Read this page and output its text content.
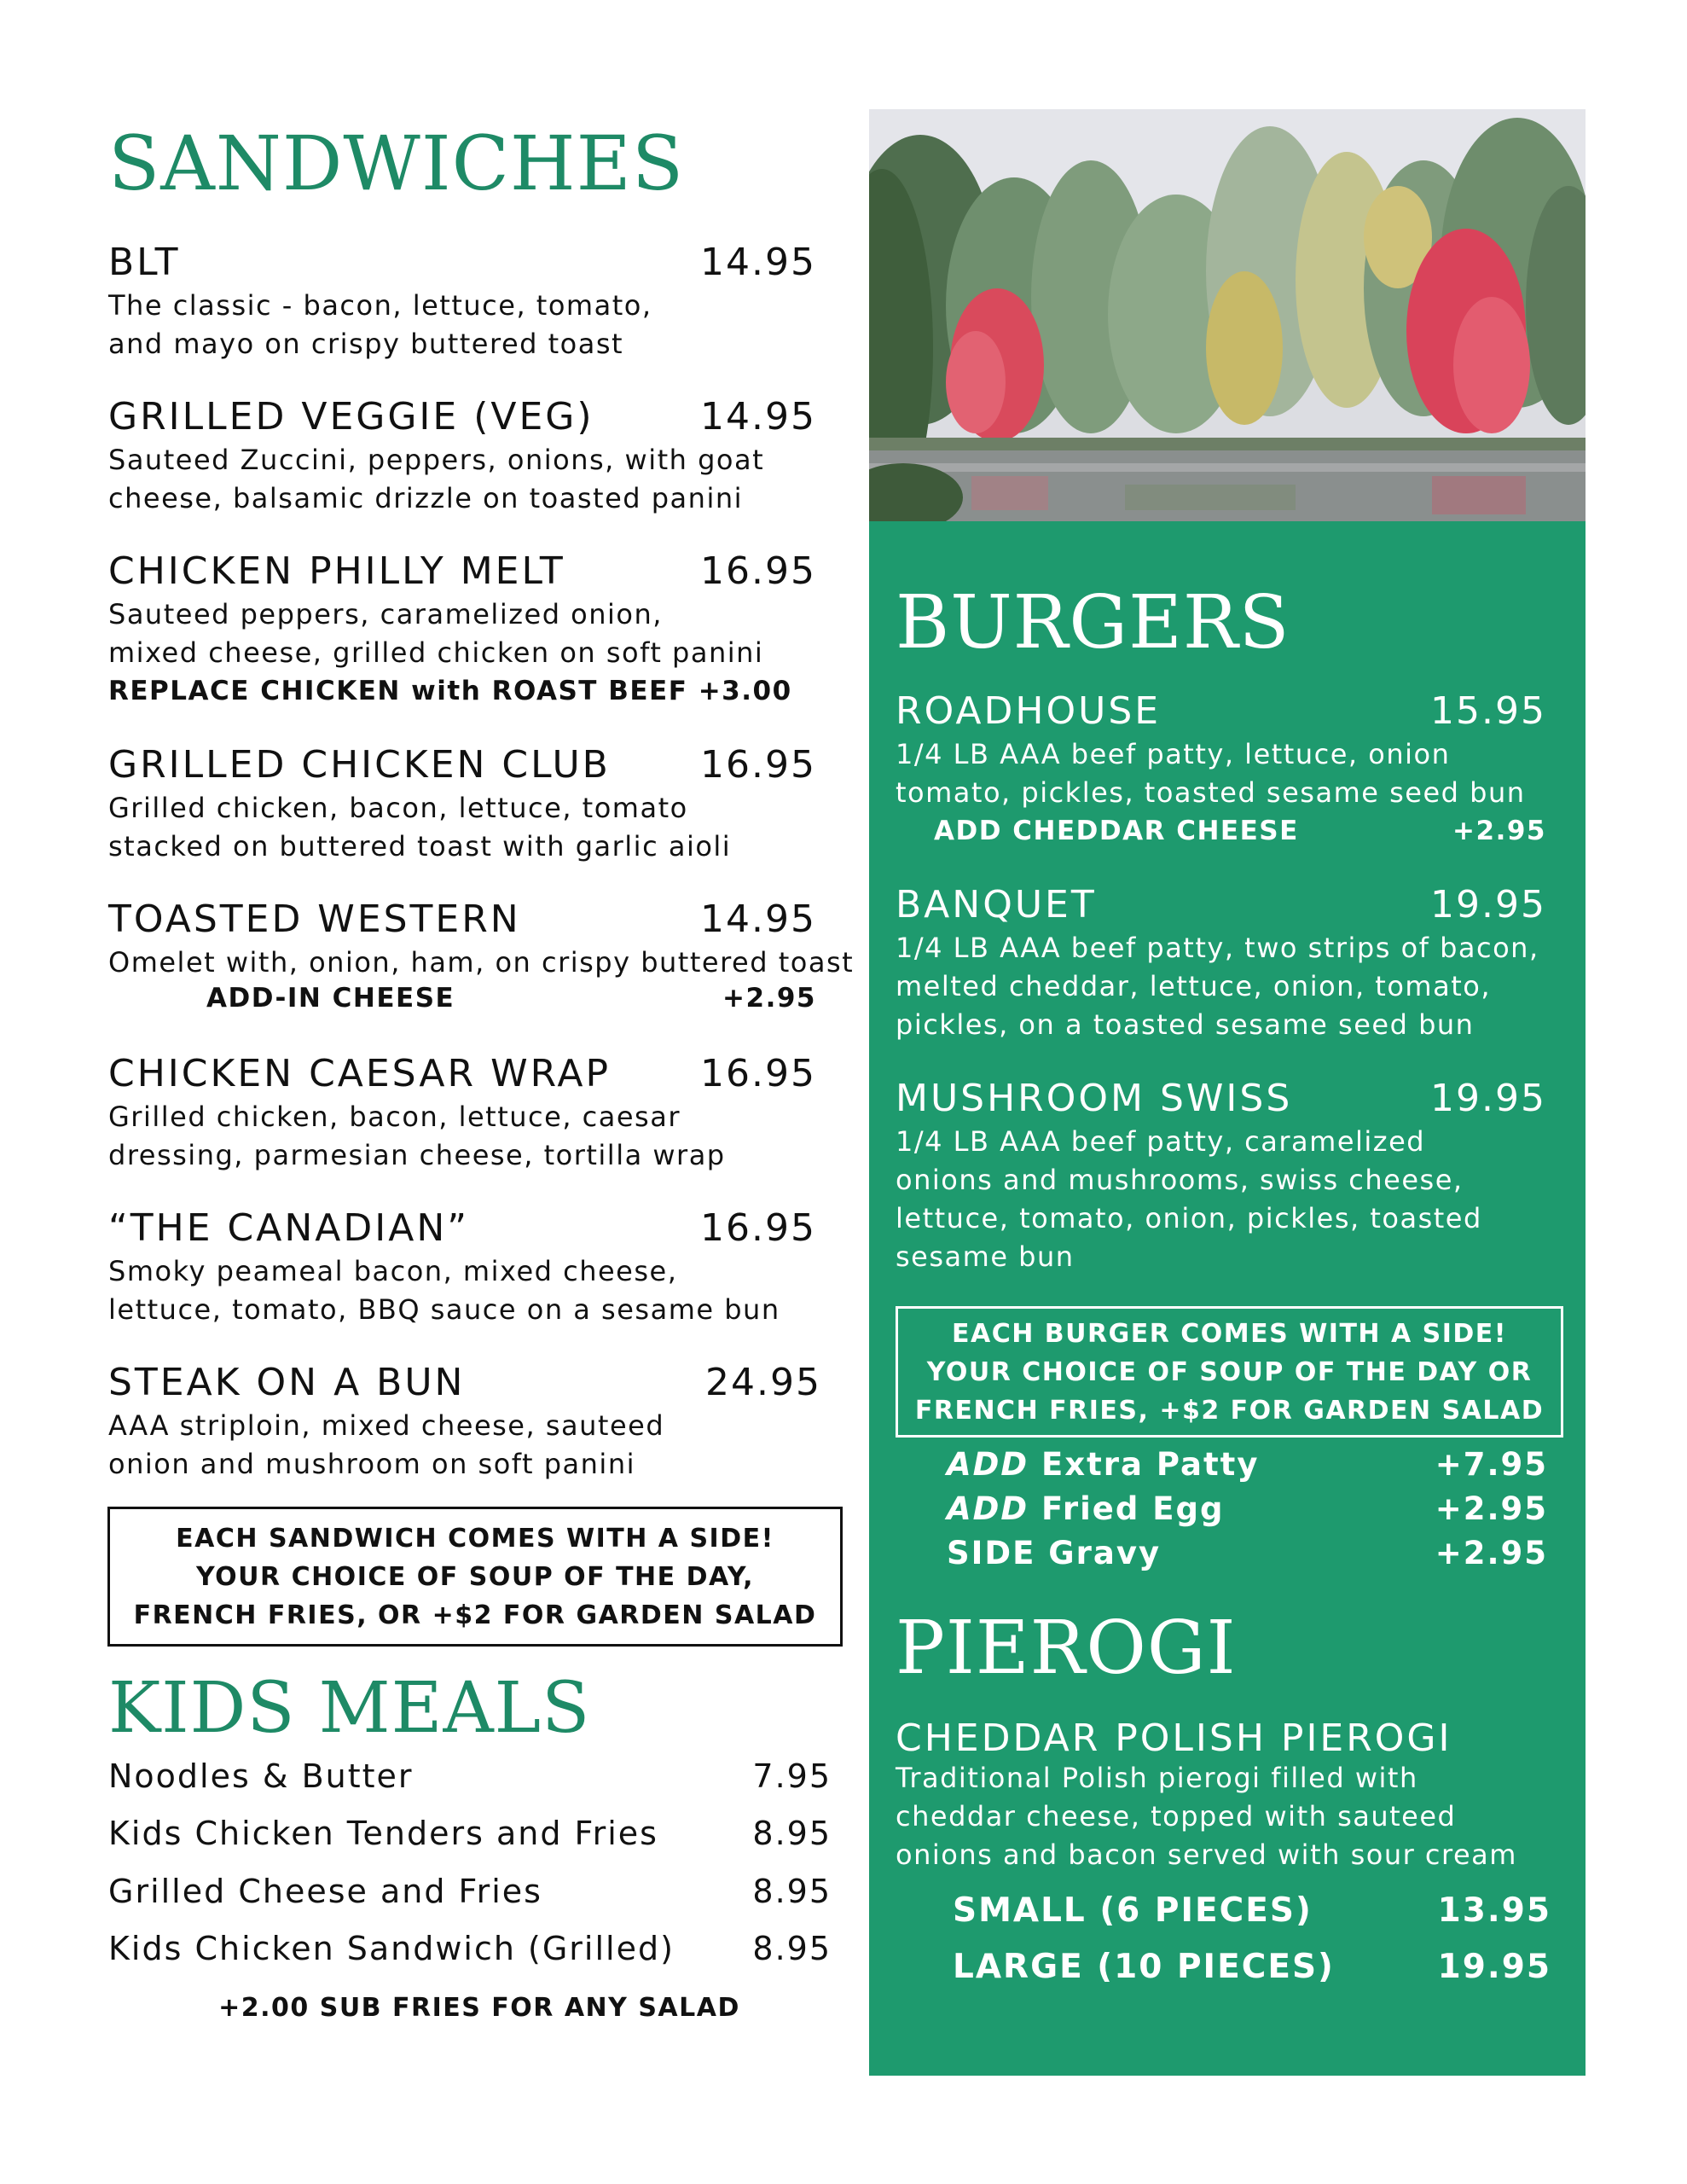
SANDWICHES
BLT	14.95
The classic - bacon, lettuce, tomato,
and mayo on crispy buttered toast
GRILLED VEGGIE (VEG)	14.95
Sauteed Zuccini, peppers, onions, with goat
cheese, balsamic drizzle on toasted panini
CHICKEN PHILLY MELT	16.95
Sauteed peppers, caramelized onion,
mixed cheese, grilled chicken on soft panini
REPLACE CHICKEN with ROAST BEEF +3.00
GRILLED CHICKEN CLUB 16.95
Grilled chicken, bacon, lettuce, tomato
stacked on buttered toast with garlic aioli
TOASTED WESTERN	14.95
Omelet with, onion, ham, on crispy buttered toast
ADD-IN CHEESE	+2.95
CHICKEN CAESAR WRAP 16.95
Grilled chicken, bacon, lettuce, caesar
dressing, parmesian cheese, tortilla wrap
“THE CANADIAN”	16.95
Smoky peameal bacon, mixed cheese,
lettuce, tomato, BBQ sauce on a sesame bun
STEAK ON A BUN	24.95
AAA striploin, mixed cheese, sauteed
onion and mushroom on soft panini
EACH SANDWICH COMES WITH A SIDE!
YOUR CHOICE OF SOUP OF THE DAY,
FRENCH FRIES, OR +$2 FOR GARDEN SALAD
KIDS MEALS
Noodles & Butter	7.95
Kids Chicken Tenders and Fries	8.95
Grilled Cheese and Fries	8.95
Kids Chicken Sandwich (Grilled) 8.95
+2.00 SUB FRIES FOR ANY SALAD
BURGERS
ROADHOUSE	15.95
1/4 LB AAA beef patty, lettuce, onion
tomato, pickles, toasted sesame seed bun
ADD CHEDDAR CHEESE	+2.95
BANQUET	19.95
1/4 LB AAA beef patty, two strips of bacon,
melted cheddar, lettuce, onion, tomato,
pickles, on a toasted sesame seed bun
MUSHROOM SWISS	19.95
1/4 LB AAA beef patty, caramelized
onions and mushrooms, swiss cheese,
lettuce, tomato, onion, pickles, toasted
sesame bun
EACH BURGER COMES WITH A SIDE!
YOUR CHOICE OF SOUP OF THE DAY OR
FRENCH FRIES, +$2 FOR GARDEN SALAD
ADD Extra Patty	+7.95
ADD Fried Egg	+2.95
SIDE Gravy	+2.95
PIEROGI
CHEDDAR POLISH PIEROGI
Traditional Polish pierogi filled with
cheddar cheese, topped with sauteed
onions and bacon served with sour cream
SMALL (6 PIECES)	13.95
LARGE (10 PIECES)	19.95
